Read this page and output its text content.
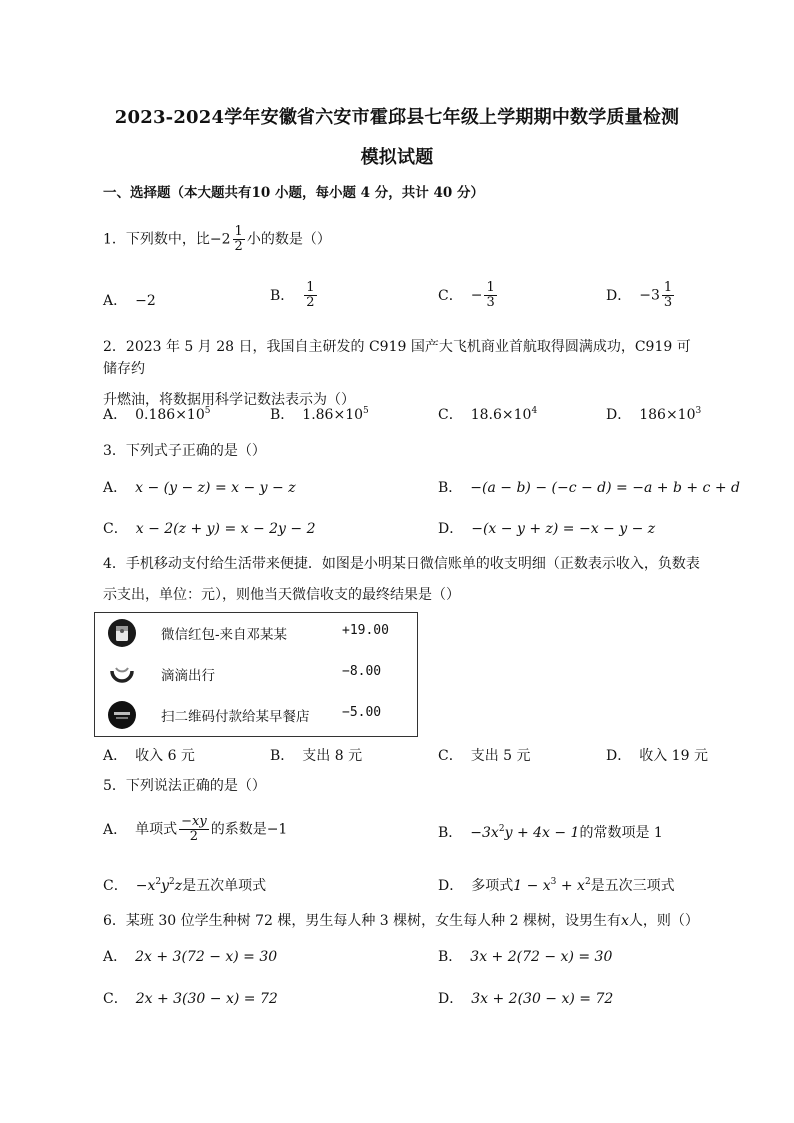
2023-2024学年安徽省六安市霍邱县七年级上学期期中数学质量检测
模拟试题
一、选择题（本大题共有10 小题，每小题 4 分，共计 40 分）
1．下列数中，比$-2 \frac{1}{2}$ 小的数是（）
A． −2	B． $\frac{1}{2}$	C． − $\frac{1}{3}$	D． $-3 \frac{1}{3}$
2．2023 年 5 月 28 日，我国自主研发的 C919 国产大飞机商业首航取得圆满成功，C919 可储存约
升燃油，将数据用科学记数法表示为（）
A． $0.186\times 10^5$	B． $1.86\times 10^5$	C． $18.6\times 10^4$	D． $186\times 10^3$
3．下列式子正确的是（）
A． x − (y − z) = x − y − z	B． −(a − b) − (−c − d) = −a + b + c + d
C． x − 2(z + y) = x − 2y − 2	D． −(x − y + z) = −x − y − z
4．手机移动支付给生活带来便捷．如图是小明某日微信账单的收支明细（正数表示收入，负数表
示支出，单位：元），则他当天微信收支的最终结果是（）
微信红包-来自邓某某	+19.00
滴滴出行	−8.00
扫二维码付款给某早餐店	−5.00
A． 收入 6 元	B． 支出 8 元	C． 支出 5 元	D． 收入 19 元
5．下列说法正确的是（）
A． 单项式 $\frac{-xy}{2}$ 的系数是−1	B． $-3x^2y + 4x - 1$的常数项是 1
C． $-x^2y^2z$是五次单项式	D． 多项式$1 - x^3 + x^2$是五次三项式
6．某班 30 位学生种树 72 棵，男生每人种 3 棵树，女生每人种 2 棵树，设男生有x人，则（）
A． 2x + 3(72 − x) = 30	B． 3x + 2(72 − x) = 30
C． 2x + 3(30 − x) = 72	D． 3x + 2(30 − x) = 72
